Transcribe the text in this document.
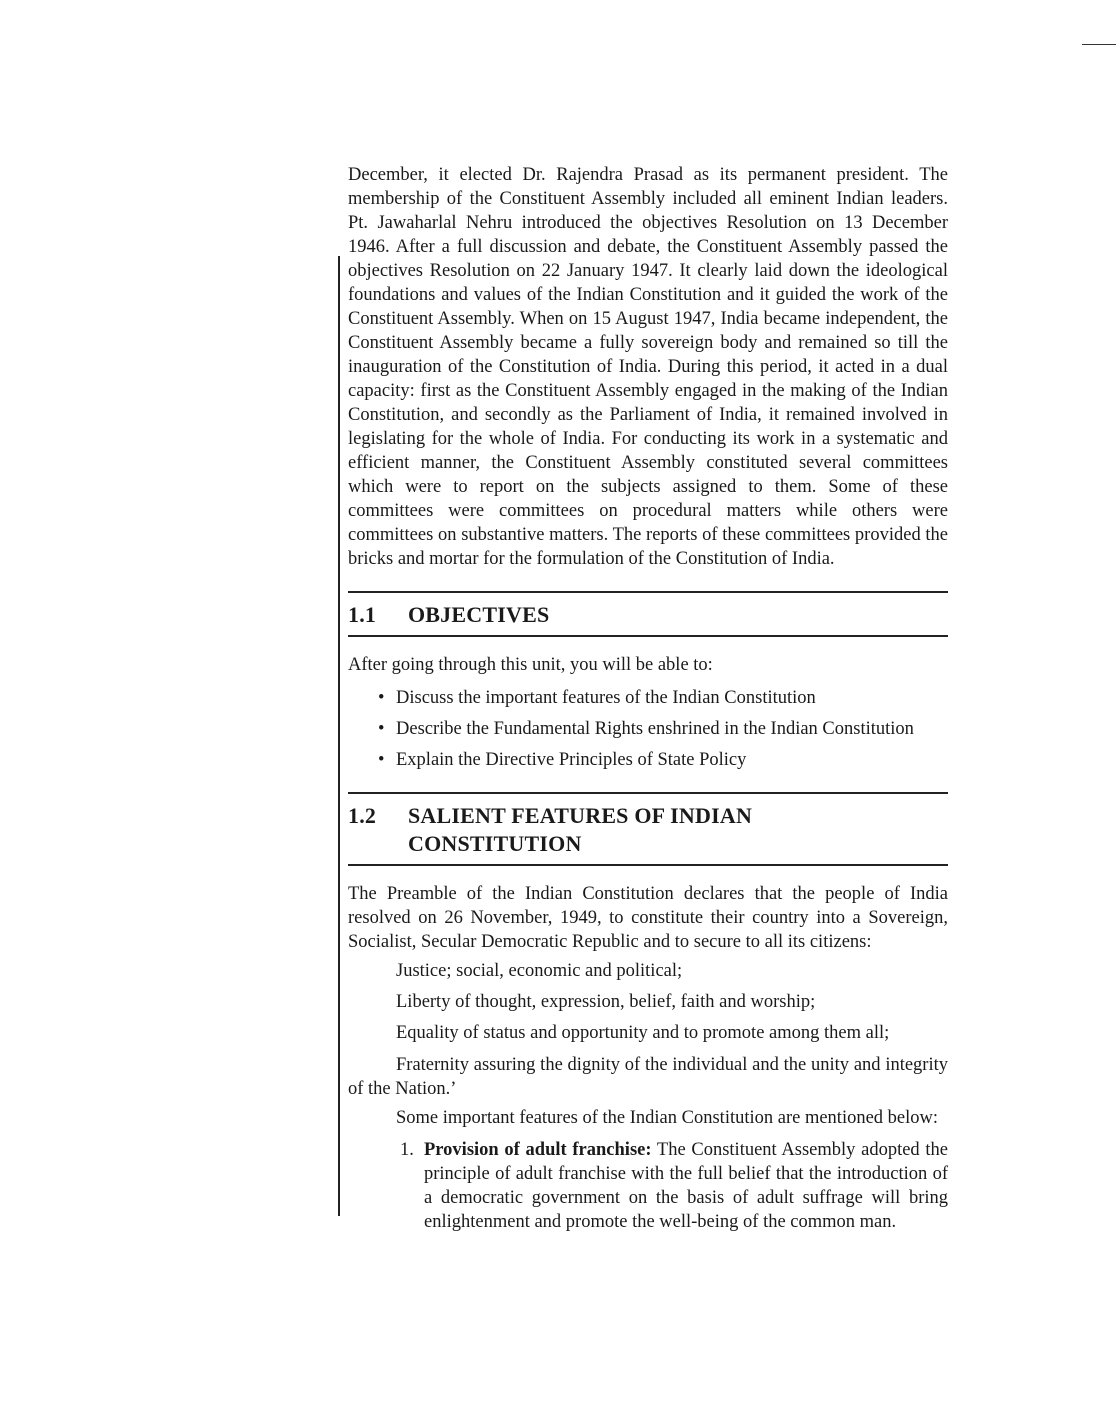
December, it elected Dr. Rajendra Prasad as its permanent president. The membership of the Constituent Assembly included all eminent Indian leaders. Pt. Jawaharlal Nehru introduced the objectives Resolution on 13 December 1946. After a full discussion and debate, the Constituent Assembly passed the objectives Resolution on 22 January 1947. It clearly laid down the ideological foundations and values of the Indian Constitution and it guided the work of the Constituent Assembly. When on 15 August 1947, India became independent, the Constituent Assembly became a fully sovereign body and remained so till the inauguration of the Constitution of India. During this period, it acted in a dual capacity: first as the Constituent Assembly engaged in the making of the Indian Constitution, and secondly as the Parliament of India, it remained involved in legislating for the whole of India. For conducting its work in a systematic and efficient manner, the Constituent Assembly constituted several committees which were to report on the subjects assigned to them. Some of these committees were committees on procedural matters while others were committees on substantive matters. The reports of these committees provided the bricks and mortar for the formulation of the Constitution of India.

1.1	OBJECTIVES

After going through this unit, you will be able to:

• Discuss the important features of the Indian Constitution
• Describe the Fundamental Rights enshrined in the Indian Constitution
• Explain the Directive Principles of State Policy
1.2	SALIENT FEATURES OF INDIAN
CONSTITUTION

The Preamble of the Indian Constitution declares that the people of India resolved on 26 November, 1949, to constitute their country into a Sovereign, Socialist, Secular Democratic Republic and to secure to all its citizens:

Justice; social, economic and political;

Liberty of thought, expression, belief, faith and worship;

Equality of status and opportunity and to promote among them all;

Fraternity assuring the dignity of the individual and the unity and integrity of the Nation.’

Some important features of the Indian Constitution are mentioned below:

1. Provision of adult franchise: The Constituent Assembly adopted the principle of adult franchise with the full belief that the introduction of a democratic government on the basis of adult suffrage will bring enlightenment and promote the well-being of the common man.
